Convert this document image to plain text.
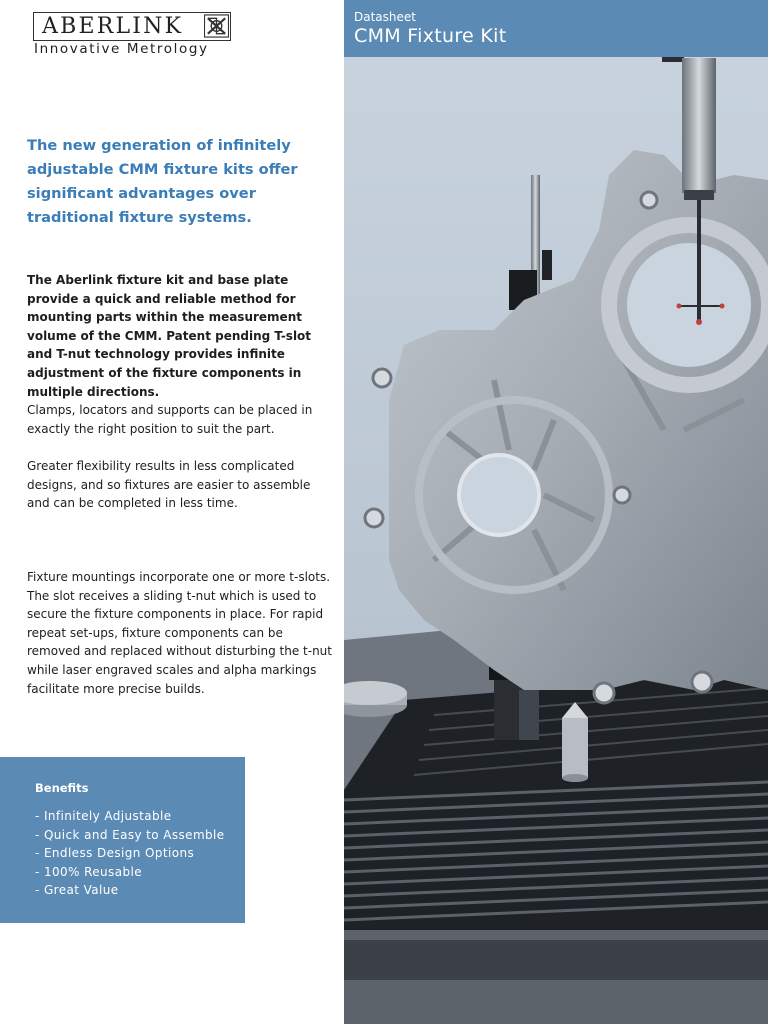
ABERLINK
Innovative Metrology

The new generation of infinitely adjustable CMM fixture kits offer significant advantages over traditional fixture systems.

The Aberlink fixture kit and base plate provide a quick and reliable method for mounting parts within the measurement volume of the CMM. Patent pending T-slot and T-nut technology provides infinite adjustment of the fixture components in multiple directions.

Clamps, locators and supports can be placed in exactly the right position to suit the part.

Greater flexibility results in less complicated designs, and so fixtures are easier to assemble and can be completed in less time.

Fixture mountings incorporate one or more t-slots. The slot receives a sliding t-nut which is used to secure the fixture components in place. For rapid repeat set-ups, fixture components can be removed and replaced without disturbing the t-nut while laser engraved scales and alpha markings facilitate more precise builds.

Benefits
- Infinitely Adjustable
- Quick and Easy to Assemble
- Endless Design Options
- 100% Reusable
- Great Value
Datasheet
CMM Fixture Kit
